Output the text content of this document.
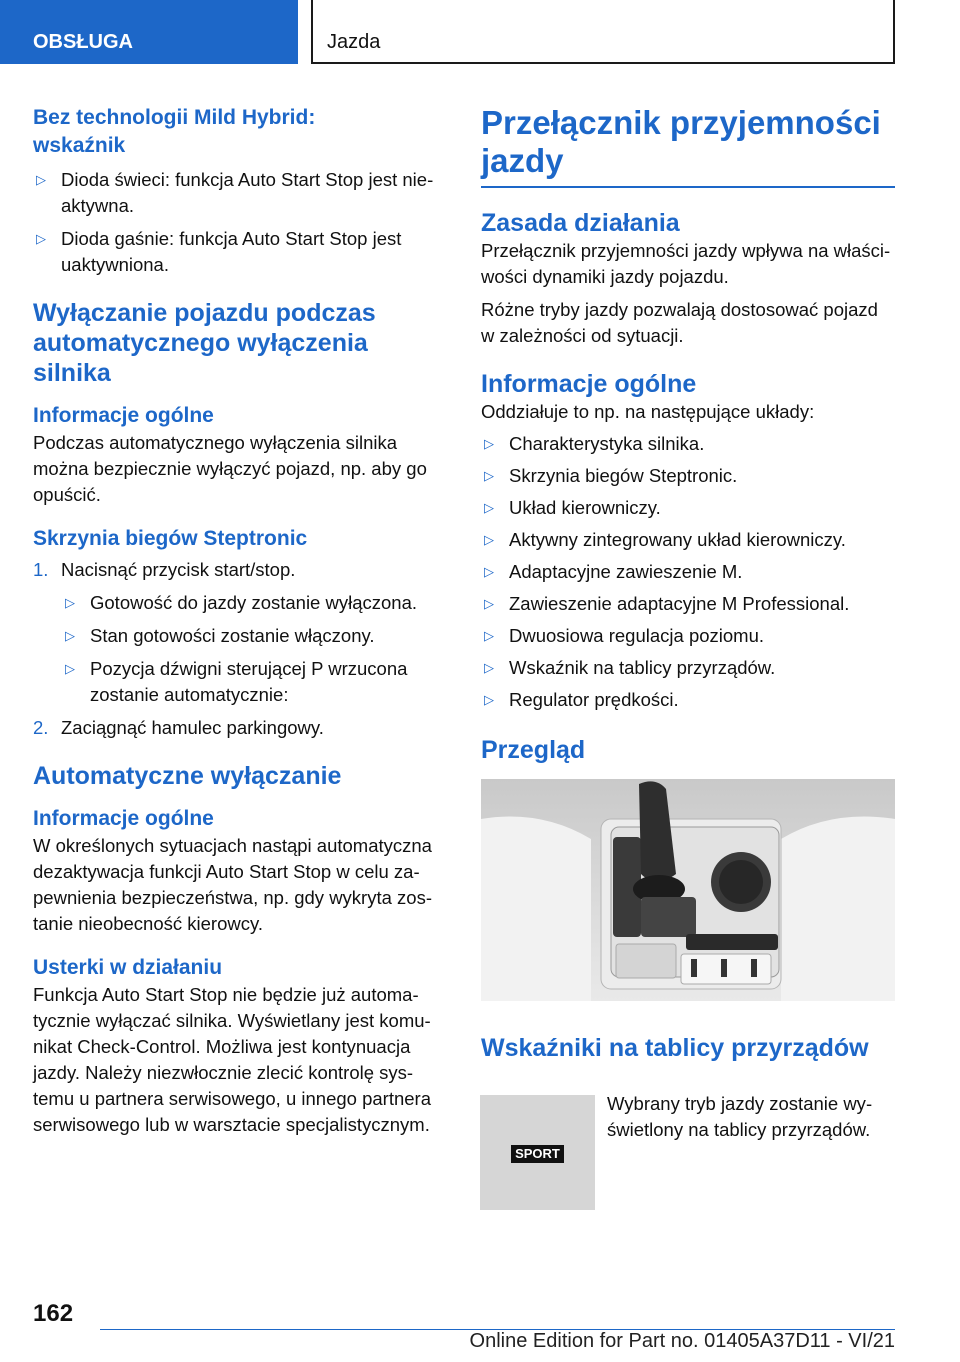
OBSŁUGA	Jazda
Bez technologii Mild Hybrid: wskaźnik
▷ Dioda świeci: funkcja Auto Start Stop jest nieaktywna.
▷ Dioda gaśnie: funkcja Auto Start Stop jest uaktywniona.
Wyłączanie pojazdu podczas automatycznego wyłączenia silnika
Informacje ogólne
Podczas automatycznego wyłączenia silnika można bezpiecznie wyłączyć pojazd, np. aby go opuścić.
Skrzynia biegów Steptronic
1. Nacisnąć przycisk start/stop.
▷ Gotowość do jazdy zostanie wyłączona.
▷ Stan gotowości zostanie włączony.
▷ Pozycja dźwigni sterującej P wrzucona zostanie automatycznie:
2. Zaciągnąć hamulec parkingowy.
Automatyczne wyłączanie
Informacje ogólne
W określonych sytuacjach nastąpi automatyczna dezaktywacja funkcji Auto Start Stop w celu zapewnienia bezpieczeństwa, np. gdy wykryta zostanie nieobecność kierowcy.
Usterki w działaniu
Funkcja Auto Start Stop nie będzie już automatycznie wyłączać silnika. Wyświetlany jest komunikat Check-Control. Możliwa jest kontynuacja jazdy. Należy niezwłocznie zlecić kontrolę systemu u partnera serwisowego, u innego partnera serwisowego lub w warsztacie specjalistycznym.
Przełącznik przyjemności jazdy
Zasada działania
Przełącznik przyjemności jazdy wpływa na właściwości dynamiki jazdy pojazdu.
Różne tryby jazdy pozwalają dostosować pojazd w zależności od sytuacji.
Informacje ogólne
Oddziałuje to np. na następujące układy:
▷ Charakterystyka silnika.
▷ Skrzynia biegów Steptronic.
▷ Układ kierowniczy.
▷ Aktywny zintegrowany układ kierowniczy.
▷ Adaptacyjne zawieszenie M.
▷ Zawieszenie adaptacyjne M Professional.
▷ Dwuosiowa regulacja poziomu.
▷ Wskaźnik na tablicy przyrządów.
▷ Regulator prędkości.
Przegląd
Wskaźniki na tablicy przyrządów
SPORT
Wybrany tryb jazdy zostanie wyświetlony na tablicy przyrządów.
162
Online Edition for Part no. 01405A37D11 - VI/21
